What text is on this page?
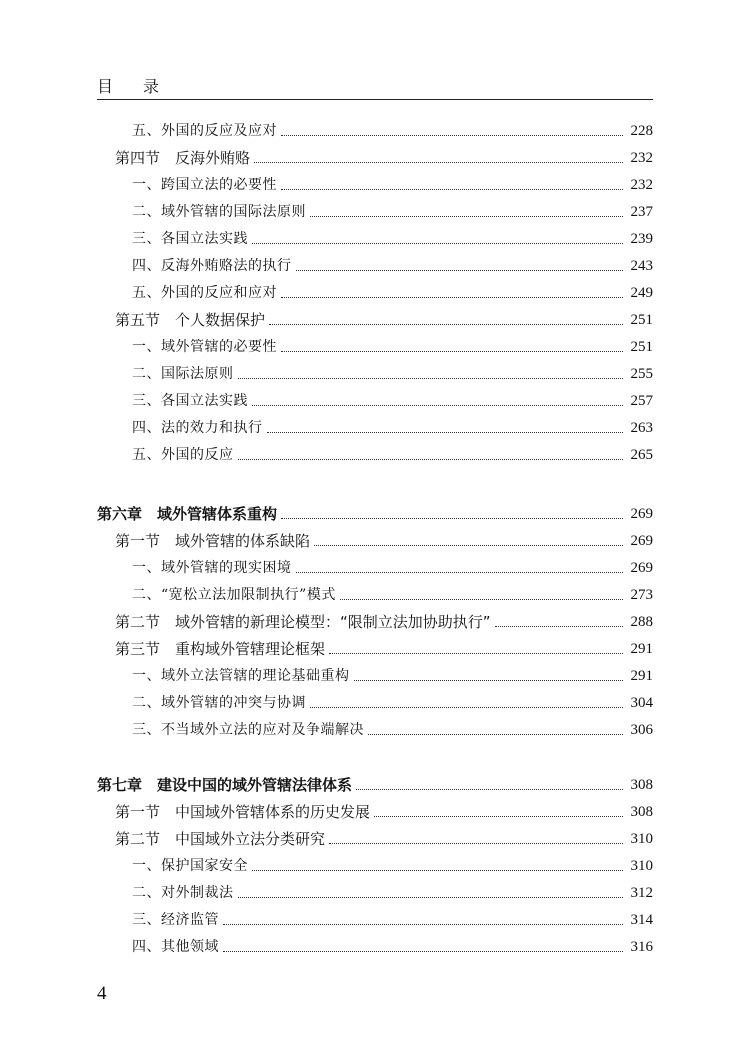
目录
五、外国的反应及应对	228
第四节　反海外贿赂	232
一、跨国立法的必要性	232
二、域外管辖的国际法原则	237
三、各国立法实践	239
四、反海外贿赂法的执行	243
五、外国的反应和应对	249
第五节　个人数据保护	251
一、域外管辖的必要性	251
二、国际法原则	255
三、各国立法实践	257
四、法的效力和执行	263
五、外国的反应	265
第六章　域外管辖体系重构	269
第一节　域外管辖的体系缺陷	269
一、域外管辖的现实困境	269
二、“宽松立法加限制执行”模式	273
第二节　域外管辖的新理论模型：“限制立法加协助执行”	288
第三节　重构域外管辖理论框架	291
一、域外立法管辖的理论基础重构	291
二、域外管辖的冲突与协调	304
三、不当域外立法的应对及争端解决	306
第七章　建设中国的域外管辖法律体系	308
第一节　中国域外管辖体系的历史发展	308
第二节　中国域外立法分类研究	310
一、保护国家安全	310
二、对外制裁法	312
三、经济监管	314
四、其他领域	316
4
